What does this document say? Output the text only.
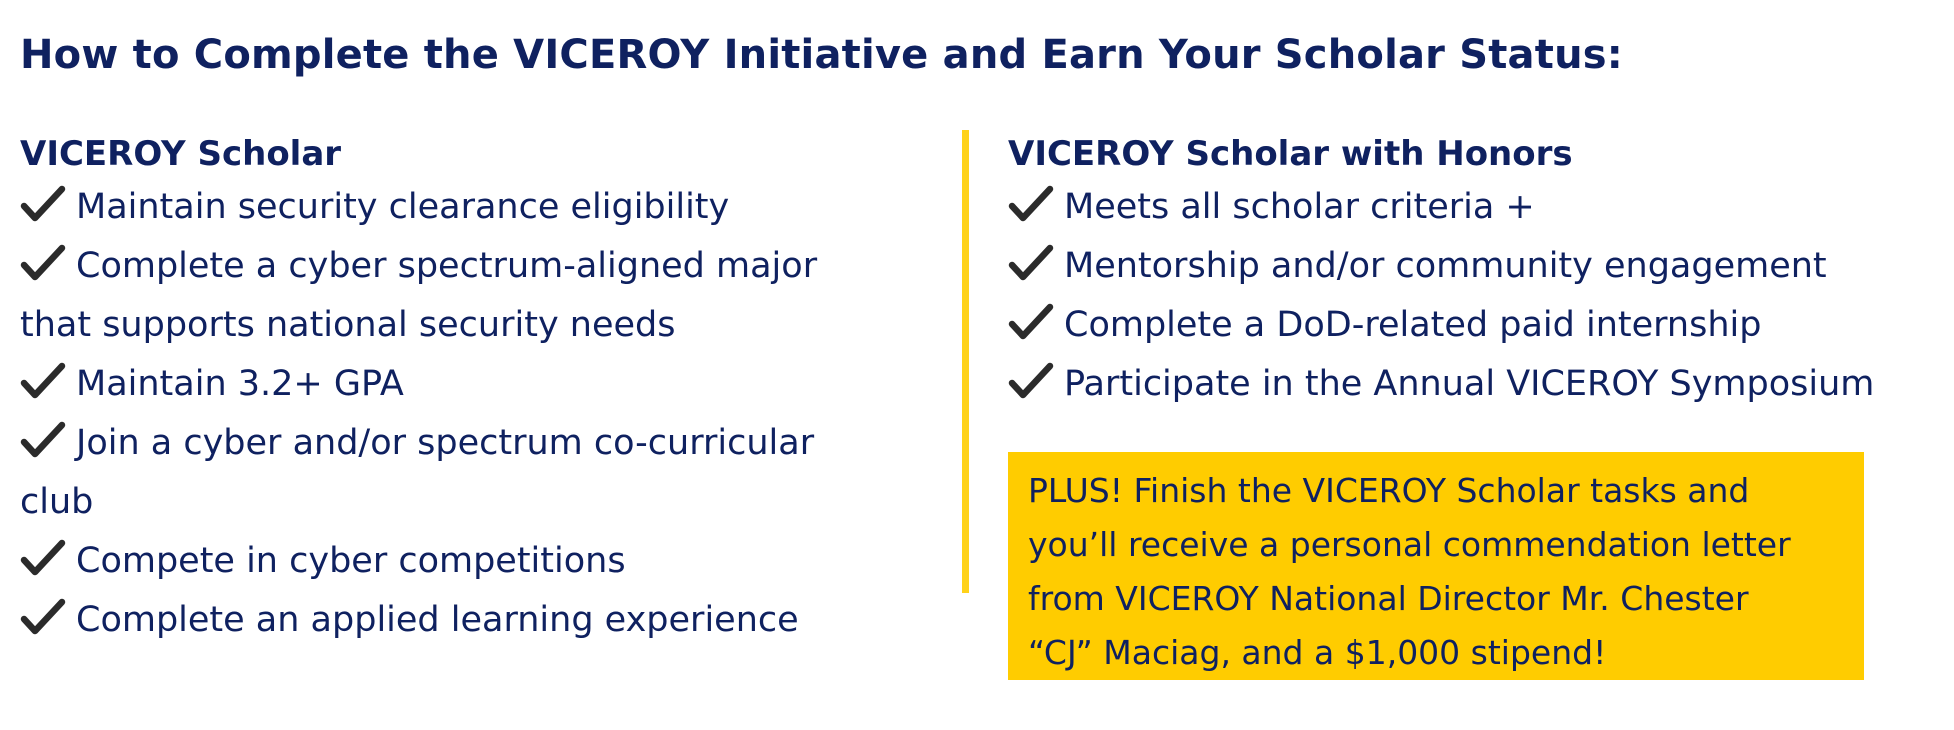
How to Complete the VICEROY Initiative and Earn Your Scholar Status:
VICEROY Scholar
Maintain security clearance eligibility
Complete a cyber spectrum-aligned major
that supports national security needs
Maintain 3.2+ GPA
Join a cyber and/or spectrum co-curricular
club
Compete in cyber competitions
Complete an applied learning experience
VICEROY Scholar with Honors
Meets all scholar criteria +
Mentorship and/or community engagement
Complete a DoD-related paid internship
Participate in the Annual VICEROY Symposium
PLUS! Finish the VICEROY Scholar tasks and
you’ll receive a personal commendation letter
from VICEROY National Director Mr. Chester
“CJ” Maciag, and a $1,000 stipend!
